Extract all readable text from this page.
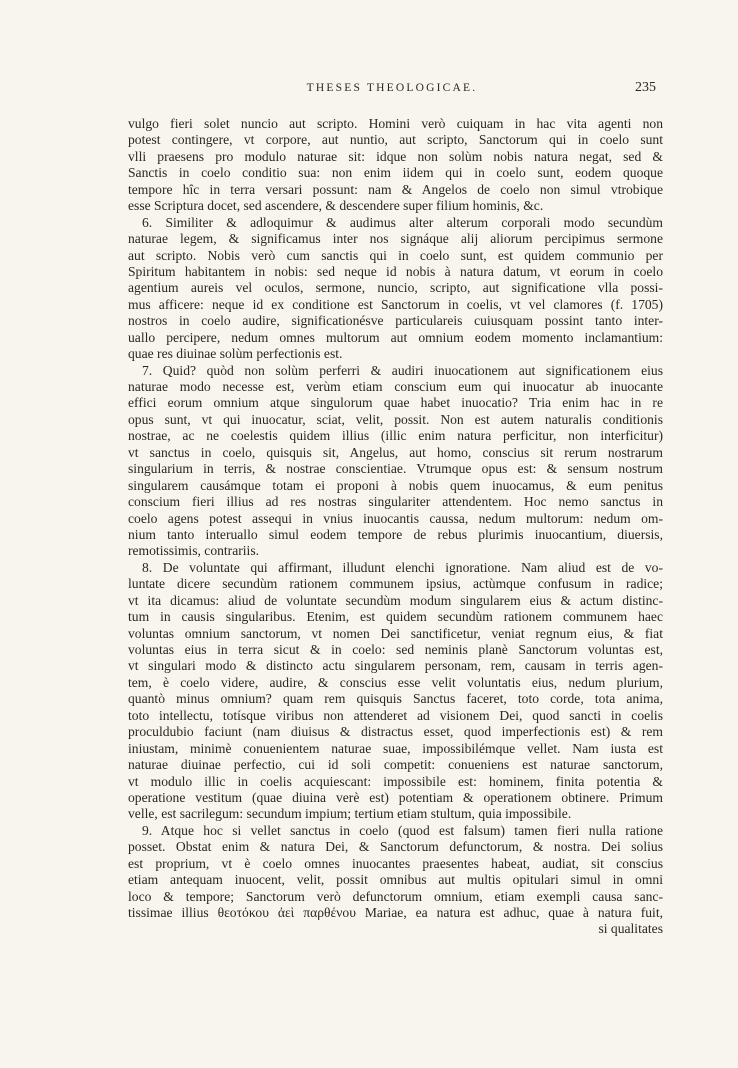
THESES THEOLOGICAE.	235
vulgo fieri solet nuncio aut scripto. Homini verò cuiquam in hac vita agenti non
potest contingere, vt corpore, aut nuntio, aut scripto, Sanctorum qui in coelo sunt
vlli praesens pro modulo naturae sit: idque non solùm nobis natura negat, sed &
Sanctis in coelo conditio sua: non enim iidem qui in coelo sunt, eodem quoque
tempore hîc in terra versari possunt: nam & Angelos de coelo non simul vtrobique
esse Scriptura docet, sed ascendere, & descendere super filium hominis, &c.
6. Similiter & adloquimur & audimus alter alterum corporali modo secundùm
naturae legem, & significamus inter nos signáque alij aliorum percipimus sermone
aut scripto. Nobis verò cum sanctis qui in coelo sunt, est quidem communio per
Spiritum habitantem in nobis: sed neque id nobis à natura datum, vt eorum in coelo
agentium aureis vel oculos, sermone, nuncio, scripto, aut significatione vlla possi-
mus afficere: neque id ex conditione est Sanctorum in coelis, vt vel clamores (f. 1705)
nostros in coelo audire, significationésve particulareis cuiusquam possint tanto inter-
uallo percipere, nedum omnes multorum aut omnium eodem momento inclamantium:
quae res diuinae solùm perfectionis est.
7. Quid? quòd non solùm perferri & audiri inuocationem aut significationem eius
naturae modo necesse est, verùm etiam conscium eum qui inuocatur ab inuocante
effici eorum omnium atque singulorum quae habet inuocatio? Tria enim hac in re
opus sunt, vt qui inuocatur, sciat, velit, possit. Non est autem naturalis conditionis
nostrae, ac ne coelestis quidem illius (illic enim natura perficitur, non interficitur)
vt sanctus in coelo, quisquis sit, Angelus, aut homo, conscius sit rerum nostrarum
singularium in terris, & nostrae conscientiae. Vtrumque opus est: & sensum nostrum
singularem causámque totam ei proponi à nobis quem inuocamus, & eum penitus
conscium fieri illius ad res nostras singulariter attendentem. Hoc nemo sanctus in
coelo agens potest assequi in vnius inuocantis caussa, nedum multorum: nedum om-
nium tanto interuallo simul eodem tempore de rebus plurimis inuocantium, diuersis,
remotissimis, contrariis.
8. De voluntate qui affirmant, illudunt elenchi ignoratione. Nam aliud est de vo-
luntate dicere secundùm rationem communem ipsius, actùmque confusum in radice;
vt ita dicamus: aliud de voluntate secundùm modum singularem eius & actum distinc-
tum in causis singularibus. Etenim, est quidem secundùm rationem communem haec
voluntas omnium sanctorum, vt nomen Dei sanctificetur, veniat regnum eius, & fiat
voluntas eius in terra sicut & in coelo: sed neminis planè Sanctorum voluntas est,
vt singulari modo & distincto actu singularem personam, rem, causam in terris agen-
tem, è coelo videre, audire, & conscius esse velit voluntatis eius, nedum plurium,
quantò minus omnium? quam rem quisquis Sanctus faceret, toto corde, tota anima,
toto intellectu, totísque viribus non attenderet ad visionem Dei, quod sancti in coelis
proculdubio faciunt (nam diuisus & distractus esset, quod imperfectionis est) & rem
iniustam, minimè conuenientem naturae suae, impossibilémque vellet. Nam iusta est
naturae diuinae perfectio, cui id soli competit: conueniens est naturae sanctorum,
vt modulo illic in coelis acquiescant: impossibile est: hominem, finita potentia &
operatione vestitum (quae diuina verè est) potentiam & operationem obtinere. Primum
velle, est sacrilegum: secundum impium; tertium etiam stultum, quia impossibile.
9. Atque hoc si vellet sanctus in coelo (quod est falsum) tamen fieri nulla ratione
posset. Obstat enim & natura Dei, & Sanctorum defunctorum, & nostra. Dei solius
est proprium, vt è coelo omnes inuocantes praesentes habeat, audiat, sit conscius
etiam antequam inuocent, velit, possit omnibus aut multis opitulari simul in omni
loco & tempore; Sanctorum verò defunctorum omnium, etiam exempli causa sanc-
tissimae illius θεοτόκου ἀεὶ παρθένου Mariae, ea natura est adhuc, quae à natura fuit,
si qualitates
